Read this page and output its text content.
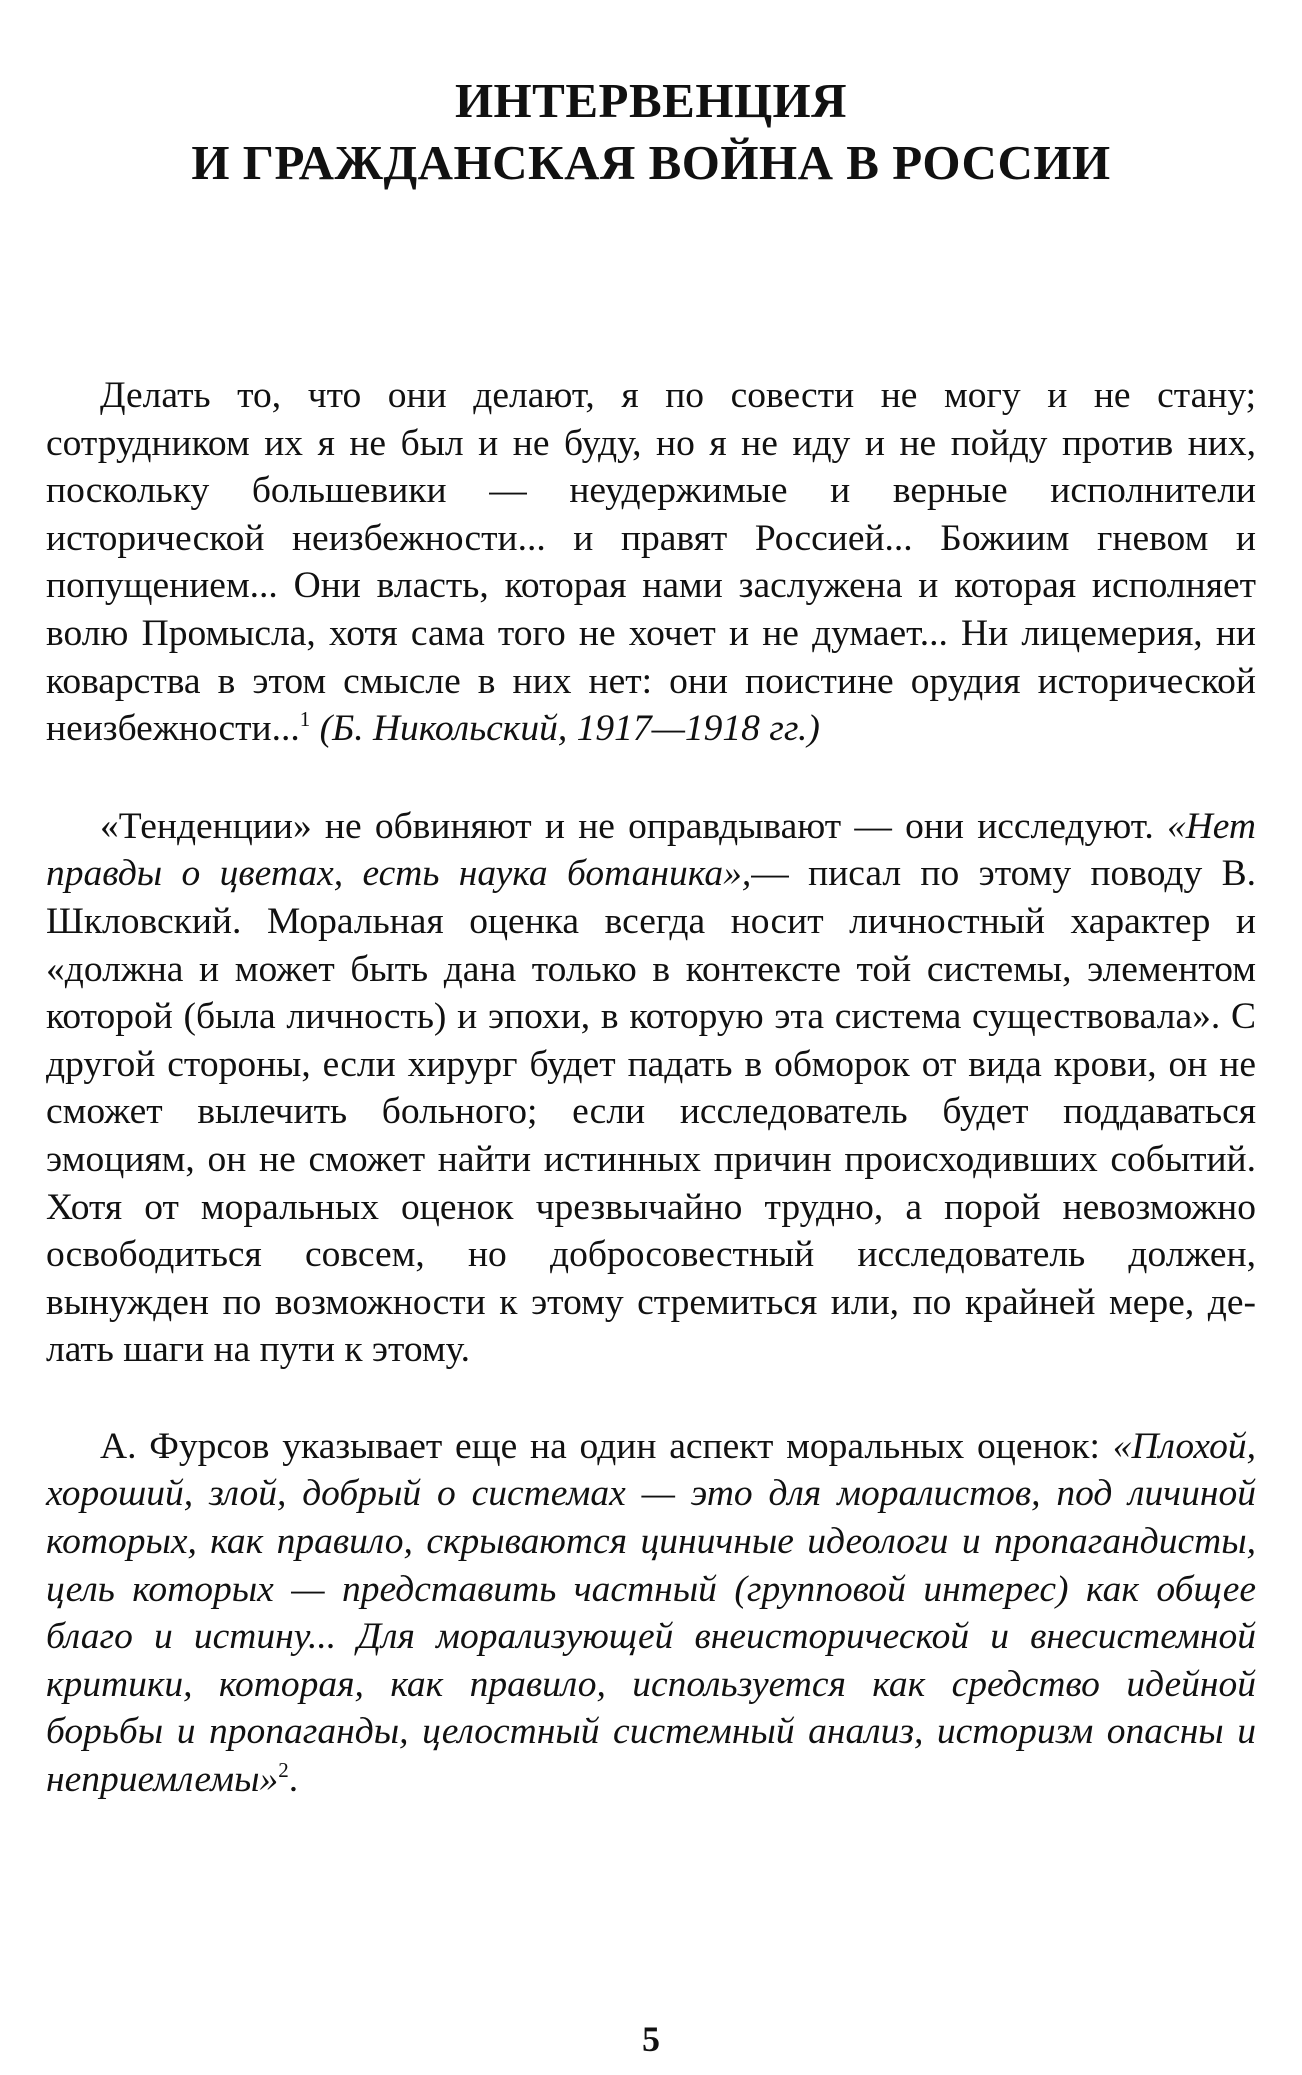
ИНТЕРВЕНЦИЯ
И ГРАЖДАНСКАЯ ВОЙНА В РОССИИ

Делать то, что они делают, я по совести не могу и не стану; сотрудником их я не был и не буду, но я не иду и не пойду против них, поскольку большевики — неудержимые и верные исполнители исторической неизбежности... и правят Россией... Божиим гневом и попущением... Они власть, которая нами заслужена и которая исполняет волю Промысла, хотя сама того не хочет и не думает... Ни лицемерия, ни коварства в этом смысле в них нет: они поистине орудия исторической неизбежности...$^1$ (Б. Никольский, 1917—1918 гг.)

«Тенденции» не обвиняют и не оправдывают — они исследуют. «Нет правды о цветах, есть наука ботаника»,— писал по этому поводу В. Шкловский. Моральная оценка всегда носит личностный характер и «должна и может быть дана только в контексте той системы, элементом которой (была личность) и эпохи, в которую эта система существовала». С другой стороны, если хирург будет падать в обморок от вида крови, он не сможет вылечить больного; если исследователь будет поддаваться эмоциям, он не сможет найти истинных причин происходивших событий. Хотя от моральных оценок чрезвычайно трудно, а порой невозможно освободиться совсем, но добросовестный исследователь должен, вынужден по возможности к этому стремиться или, по крайней мере, делать шаги на пути к этому.

А. Фурсов указывает еще на один аспект моральных оценок: «Плохой, хороший, злой, добрый о системах — это для моралистов, под личиной которых, как правило, скрываются циничные идеологи и пропагандисты, цель которых — представить частный (групповой интерес) как общее благо и истину... Для морализующей внеисторической и внесистемной критики, которая, как правило, используется как средство идейной борьбы и пропаганды, целостный системный анализ, историзм опасны и неприемлемы»$^2$.

5
